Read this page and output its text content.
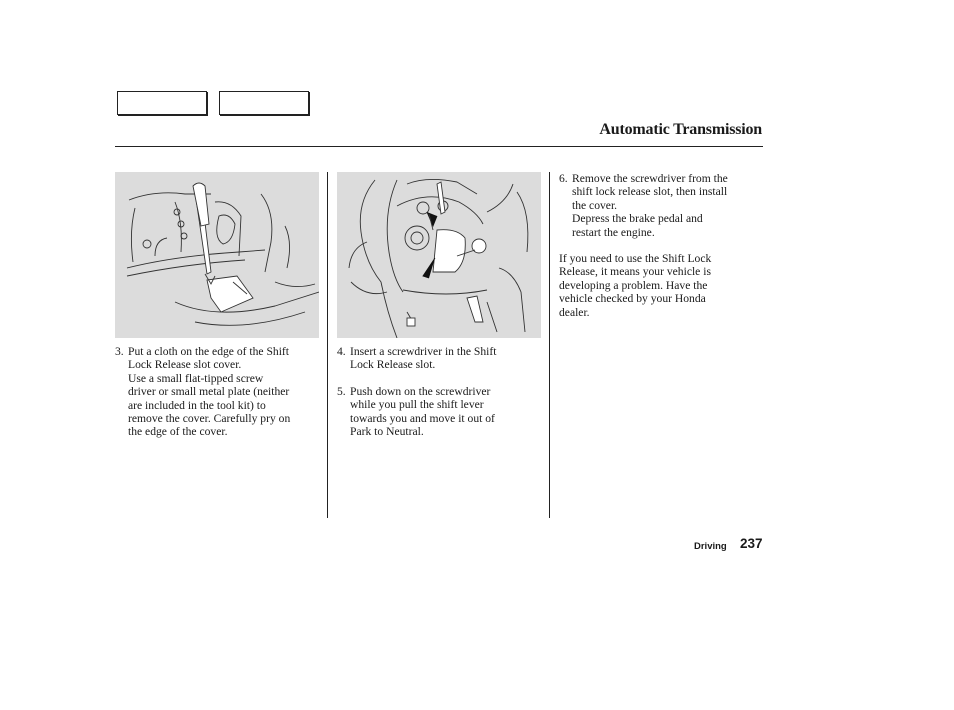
Automatic Transmission
3. Put a cloth on the edge of the Shift
Lock Release slot cover.
Use a small flat-tipped screw
driver or small metal plate (neither
are included in the tool kit) to
remove the cover. Carefully pry on
the edge of the cover.
4. Insert a screwdriver in the Shift
Lock Release slot.
5. Push down on the screwdriver
while you pull the shift lever
towards you and move it out of
Park to Neutral.
6. Remove the screwdriver from the
shift lock release slot, then install
the cover.
Depress the brake pedal and
restart the engine.
If you need to use the Shift Lock
Release, it means your vehicle is
developing a problem. Have the
vehicle checked by your Honda
dealer.
Driving 237
